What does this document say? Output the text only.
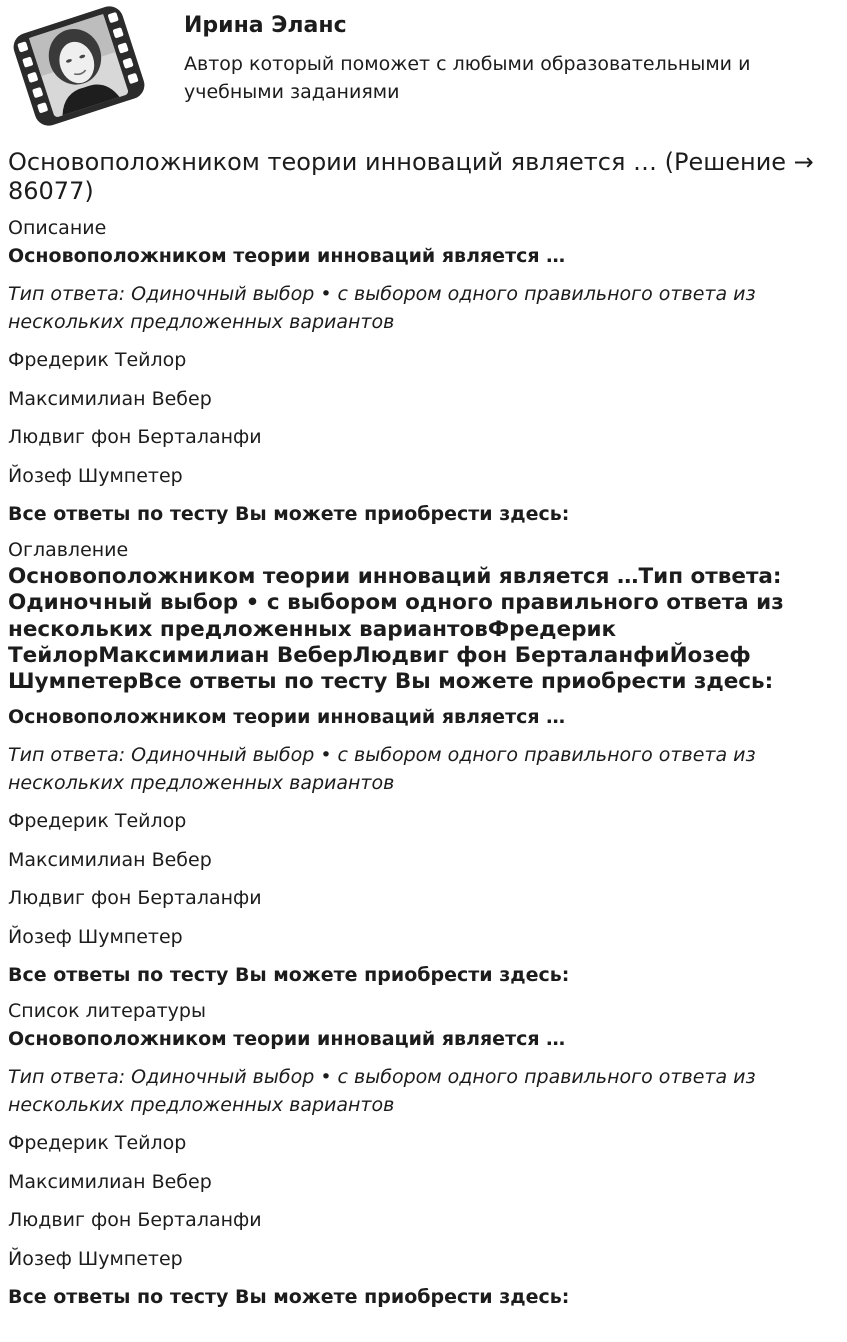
Ирина Эланс
Автор который поможет с любыми образовательными и учебными заданиями
Основоположником теории инноваций является … (Решение → 86077)
Описание
Основоположником теории инноваций является …
Тип ответа: Одиночный выбор • с выбором одного правильного ответа из нескольких предложенных вариантов
Фредерик Тейлор
Максимилиан Вебер
Людвиг фон Берталанфи
Йозеф Шумпетер
Все ответы по тесту Вы можете приобрести здесь:
Оглавление
Основоположником теории инноваций является …Тип ответа: Одиночный выбор • с выбором одного правильного ответа из нескольких предложенных вариантовФредерик ТейлорМаксимилиан ВеберЛюдвиг фон БерталанфиЙозеф ШумпетерВсе ответы по тесту Вы можете приобрести здесь:
Основоположником теории инноваций является …
Тип ответа: Одиночный выбор • с выбором одного правильного ответа из нескольких предложенных вариантов
Фредерик Тейлор
Максимилиан Вебер
Людвиг фон Берталанфи
Йозеф Шумпетер
Все ответы по тесту Вы можете приобрести здесь:
Список литературы
Основоположником теории инноваций является …
Тип ответа: Одиночный выбор • с выбором одного правильного ответа из нескольких предложенных вариантов
Фредерик Тейлор
Максимилиан Вебер
Людвиг фон Берталанфи
Йозеф Шумпетер
Все ответы по тесту Вы можете приобрести здесь:
